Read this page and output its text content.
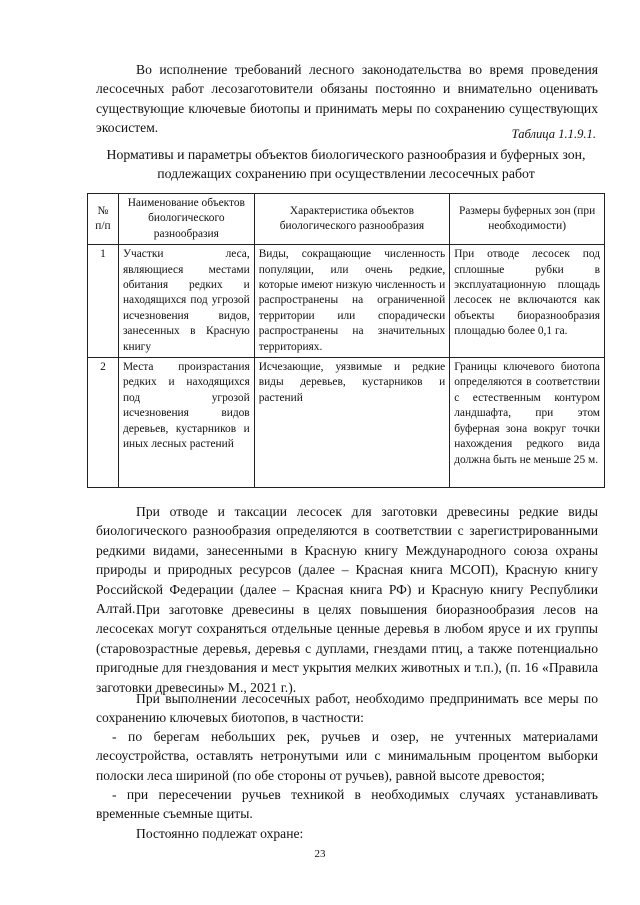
Во исполнение требований лесного законодательства во время проведения лесосечных работ лесозаготовители обязаны постоянно и внимательно оценивать существующие ключевые биотопы и принимать меры по сохранению существующих экосистем.	Таблица 1.1.9.1.

Нормативы и параметры объектов биологического разнообразия и буферных зон, подлежащих сохранению при осуществлении лесосечных работ

№ п/п	Наименование объектов биологического разнообразия	Характеристика объектов биологического разнообразия	Размеры буферных зон (при необходимости)
1	Участки леса, являющиеся местами обитания редких и находящихся под угрозой исчезновения видов, занесенных в Красную книгу	Виды, сокращающие численность популяции, или очень редкие, которые имеют низкую численность и распространены на ограниченной территории или спорадически распространены на значительных территориях.	При отводе лесосек под сплошные рубки в эксплуатационную площадь лесосек не включаются как объекты биоразнообразия площадью более 0,1 га.
2	Места произрастания редких и находящихся под угрозой исчезновения видов деревьев, кустарников и иных лесных растений	Исчезающие, уязвимые и редкие виды деревьев, кустарников и растений	Границы ключевого биотопа определяются в соответствии с естественным контуром ландшафта, при этом буферная зона вокруг точки нахождения редкого вида должна быть не меньше 25 м.

При отводе и таксации лесосек для заготовки древесины редкие виды биологического разнообразия определяются в соответствии с зарегистрированными редкими видами, занесенными в Красную книгу Международного союза охраны природы и природных ресурсов (далее – Красная книга МСОП), Красную книгу Российской Федерации (далее – Красная книга РФ) и Красную книгу Республики Алтай. При заготовке древесины в целях повышения биоразнообразия лесов на лесосеках могут сохраняться отдельные ценные деревья в любом ярусе и их группы (старовозрастные деревья, деревья с дуплами, гнездами птиц, а также потенциально пригодные для гнездования и мест укрытия мелких животных и т.п.), (п. 16 «Правила заготовки древесины» М., 2021 г.).

При выполнении лесосечных работ, необходимо предпринимать все меры по сохранению ключевых биотопов, в частности:

- по берегам небольших рек, ручьев и озер, не учтенных материалами лесоустройства, оставлять нетронутыми или с минимальным процентом выборки полоски леса шириной (по обе стороны от ручьев), равной высоте древостоя;

- при пересечении ручьев техникой в необходимых случаях устанавливать временные съемные щиты.

Постоянно подлежат охране:

23
